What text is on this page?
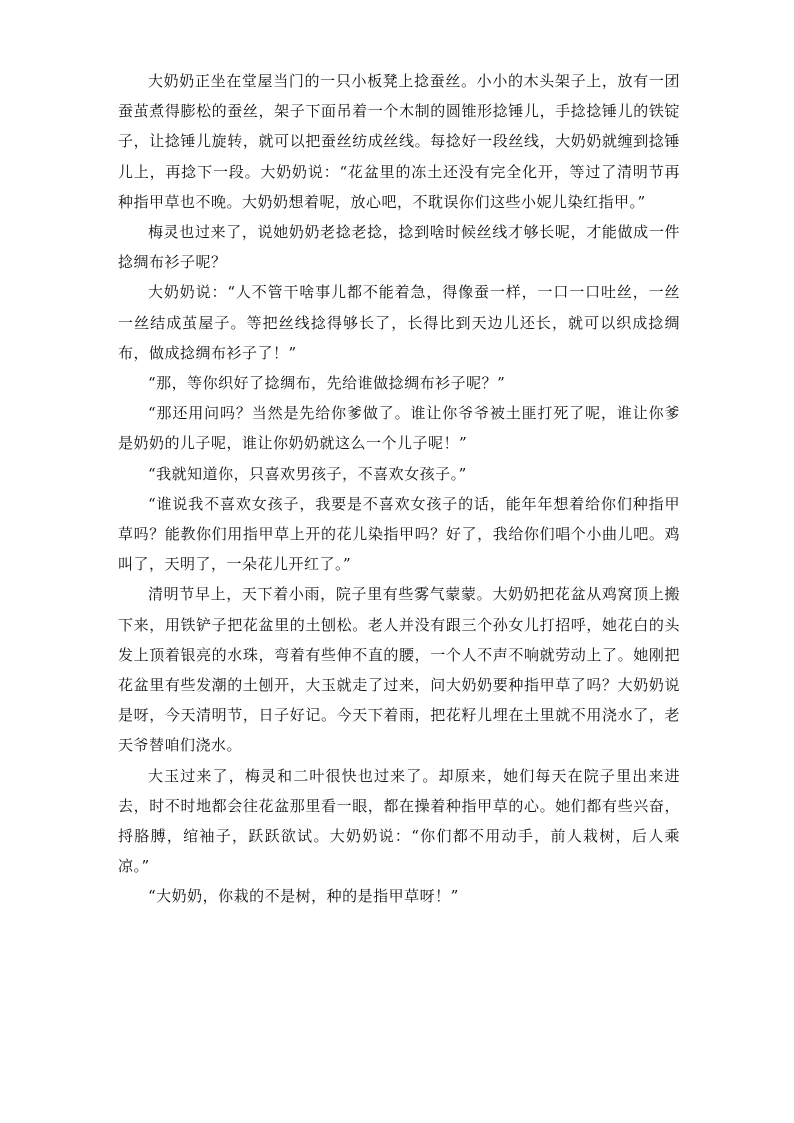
大奶奶正坐在堂屋当门的一只小板凳上捻蚕丝。小小的木头架子上，放有一团蚕茧煮得膨松的蚕丝，架子下面吊着一个木制的圆锥形捻锤儿，手捻捻锤儿的铁锭子，让捻锤儿旋转，就可以把蚕丝纺成丝线。每捻好一段丝线，大奶奶就缠到捻锤儿上，再捻下一段。大奶奶说：“花盆里的冻土还没有完全化开，等过了清明节再种指甲草也不晚。大奶奶想着呢，放心吧，不耽误你们这些小妮儿染红指甲。”

梅灵也过来了，说她奶奶老捻老捻，捻到啥时候丝线才够长呢，才能做成一件捻绸布衫子呢？

大奶奶说：“人不管干啥事儿都不能着急，得像蚕一样，一口一口吐丝，一丝一丝结成茧屋子。等把丝线捻得够长了，长得比到天边儿还长，就可以织成捻绸布，做成捻绸布衫子了！”

“那，等你织好了捻绸布，先给谁做捻绸布衫子呢？”

“那还用问吗？当然是先给你爹做了。谁让你爷爷被土匪打死了呢，谁让你爹是奶奶的儿子呢，谁让你奶奶就这么一个儿子呢！”

“我就知道你，只喜欢男孩子，不喜欢女孩子。”

“谁说我不喜欢女孩子，我要是不喜欢女孩子的话，能年年想着给你们种指甲草吗？能教你们用指甲草上开的花儿染指甲吗？好了，我给你们唱个小曲儿吧。鸡叫了，天明了，一朵花儿开红了。”

清明节早上，天下着小雨，院子里有些雾气蒙蒙。大奶奶把花盆从鸡窝顶上搬下来，用铁铲子把花盆里的土刨松。老人并没有跟三个孙女儿打招呼，她花白的头发上顶着银亮的水珠，弯着有些伸不直的腰，一个人不声不响就劳动上了。她刚把花盆里有些发潮的土刨开，大玉就走了过来，问大奶奶要种指甲草了吗？大奶奶说是呀，今天清明节，日子好记。今天下着雨，把花籽儿埋在土里就不用浇水了，老天爷替咱们浇水。

大玉过来了，梅灵和二叶很快也过来了。却原来，她们每天在院子里出来进去，时不时地都会往花盆那里看一眼，都在操着种指甲草的心。她们都有些兴奋，捋胳膊，绾袖子，跃跃欲试。大奶奶说：“你们都不用动手，前人栽树，后人乘凉。”

“大奶奶，你栽的不是树，种的是指甲草呀！”
